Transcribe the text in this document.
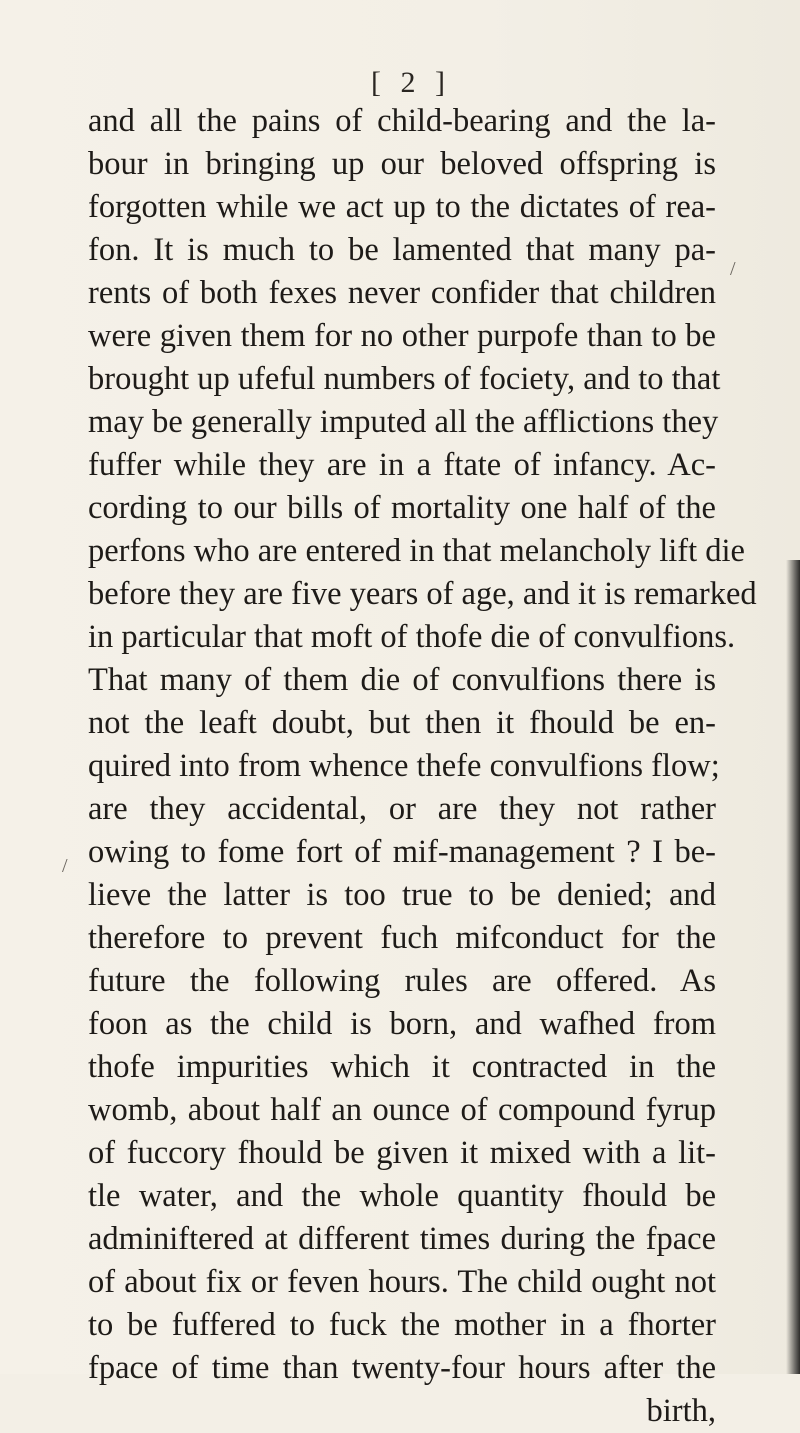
[ 2 ]
and all the pains of child-bearing and the la-
bour in bringing up our beloved offspring is
forgotten while we act up to the dictates of rea-
fon. It is much to be lamented that many pa-
rents of both fexes never confider that children
were given them for no other purpofe than to be
brought up ufeful numbers of fociety, and to that
may be generally imputed all the afflictions they
fuffer while they are in a ftate of infancy. Ac-
cording to our bills of mortality one half of the
perfons who are entered in that melancholy lift die
before they are five years of age, and it is remarked
in particular that moft of thofe die of convulfions.
That many of them die of convulfions there is
not the leaft doubt, but then it fhould be en-
quired into from whence thefe convulfions flow;
are they accidental, or are they not rather
owing to fome fort of mif-management ? I be-
lieve the latter is too true to be denied; and
therefore to prevent fuch mifconduct for the
future the following rules are offered. As
foon as the child is born, and wafhed from
thofe impurities which it contracted in the
womb, about half an ounce of compound fyrup
of fuccory fhould be given it mixed with a lit-
tle water, and the whole quantity fhould be
adminiftered at different times during the fpace
of about fix or feven hours. The child ought not
to be fuffered to fuck the mother in a fhorter
fpace of time than twenty-four hours after the
birth,
/
/
